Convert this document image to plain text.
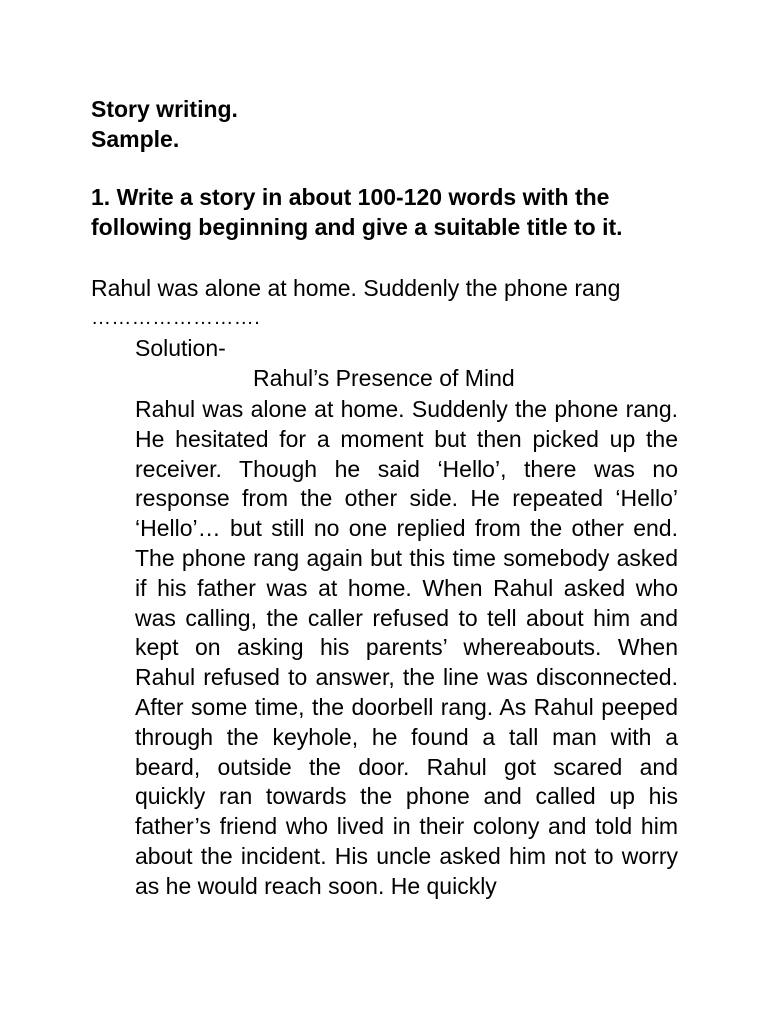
Story writing.

Sample.

1. Write a story in about 100-120 words with the following beginning and give a suitable title to it.

Rahul was alone at home. Suddenly the phone rang

…………………….

Solution-

Rahul’s Presence of Mind

Rahul was alone at home. Suddenly the phone rang. He hesitated for a moment but then picked up the receiver. Though he said ‘Hello’, there was no response from the other side. He repeated ‘Hello’ ‘Hello’… but still no one replied from the other end. The phone rang again but this time somebody asked if his father was at home. When Rahul asked who was calling, the caller refused to tell about him and kept on asking his parents’ whereabouts. When Rahul refused to answer, the line was disconnected. After some time, the doorbell rang. As Rahul peeped through the keyhole, he found a tall man with a beard, outside the door. Rahul got scared and quickly ran towards the phone and called up his father’s friend who lived in their colony and told him about the incident. His uncle asked him not to worry as he would reach soon. He quickly
